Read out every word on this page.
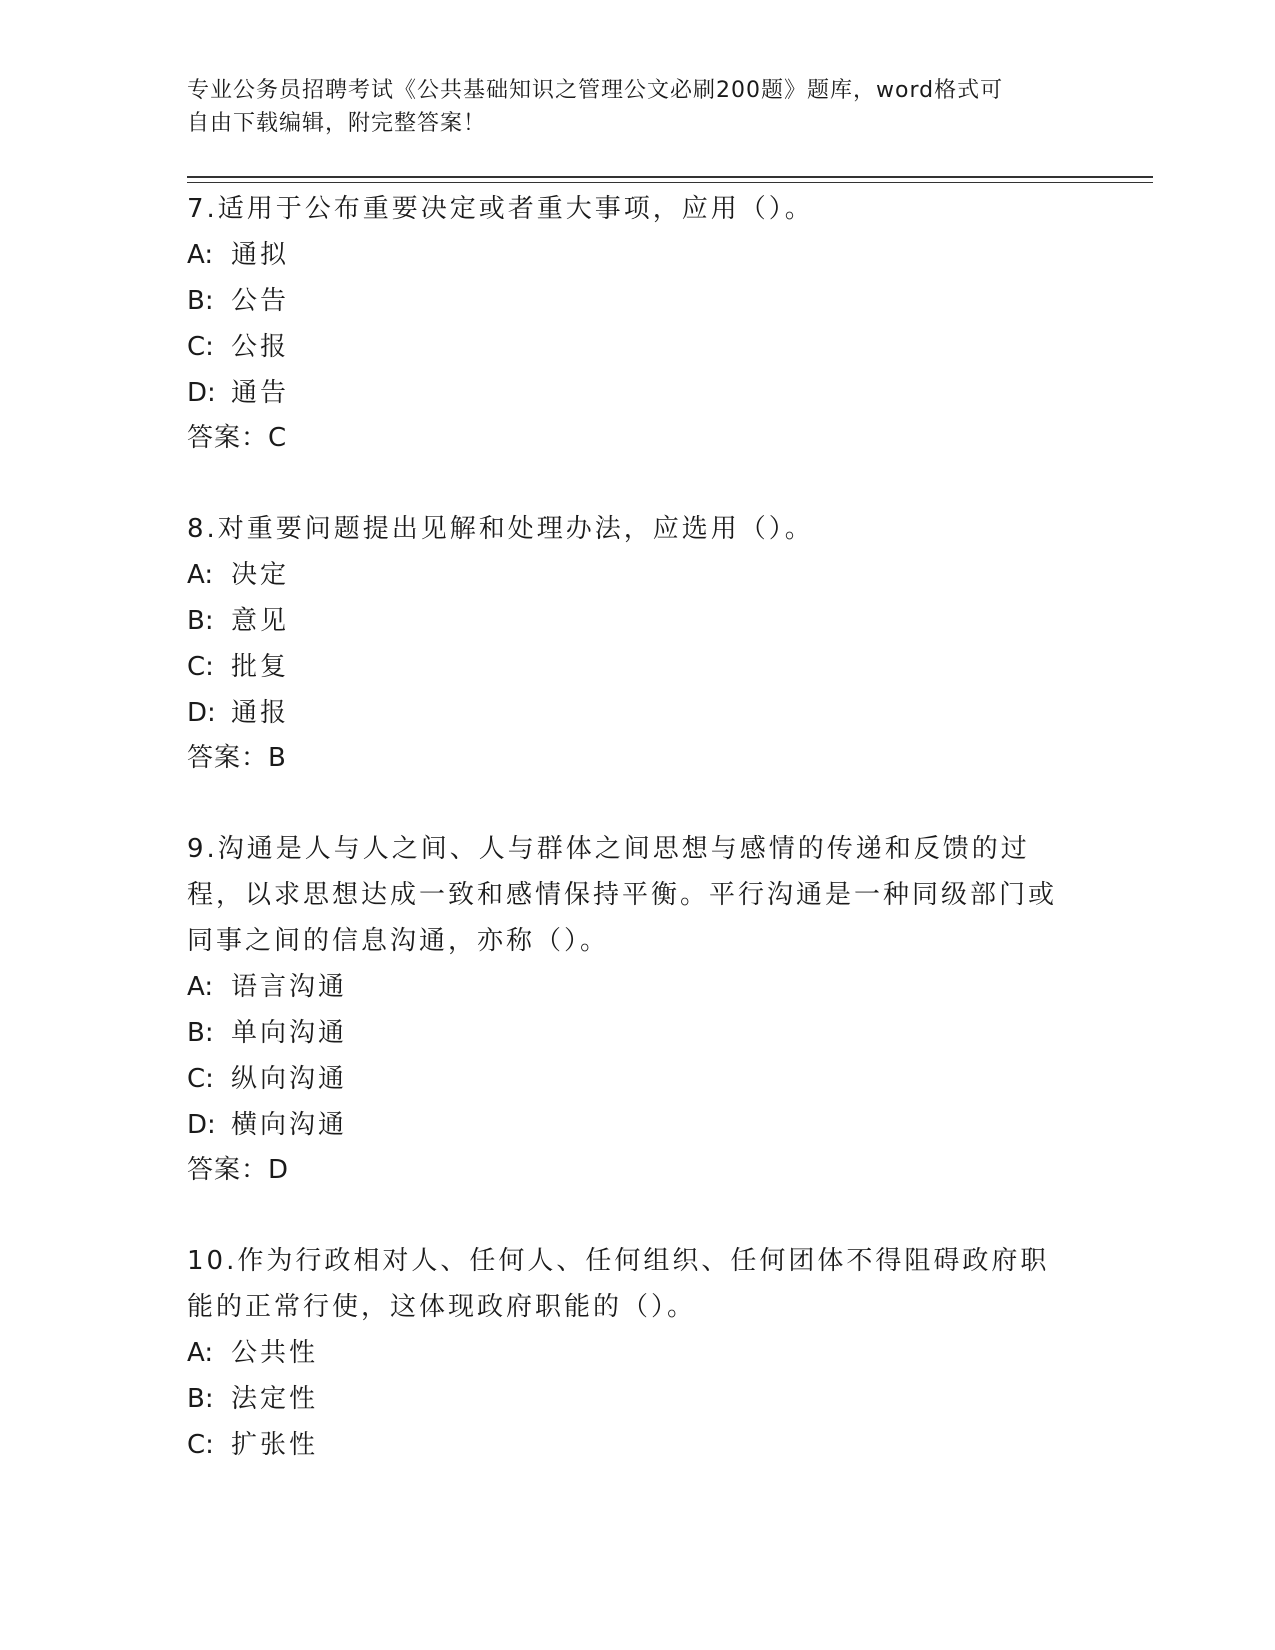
专业公务员招聘考试《公共基础知识之管理公文必刷200题》题库，word格式可
自由下载编辑，附完整答案！

7.适用于公布重要决定或者重大事项，应用（）。

A: 通拟

B: 公告

C: 公报

D: 通告

答案：C

8.对重要问题提出见解和处理办法，应选用（）。

A: 决定

B: 意见

C: 批复

D: 通报

答案：B

9.沟通是人与人之间、人与群体之间思想与感情的传递和反馈的过程，以求思想达成一致和感情保持平衡。平行沟通是一种同级部门或同事之间的信息沟通，亦称（）。

A: 语言沟通

B: 单向沟通

C: 纵向沟通

D: 横向沟通

答案：D

10.作为行政相对人、任何人、任何组织、任何团体不得阻碍政府职能的正常行使，这体现政府职能的（）。

A: 公共性

B: 法定性

C: 扩张性
